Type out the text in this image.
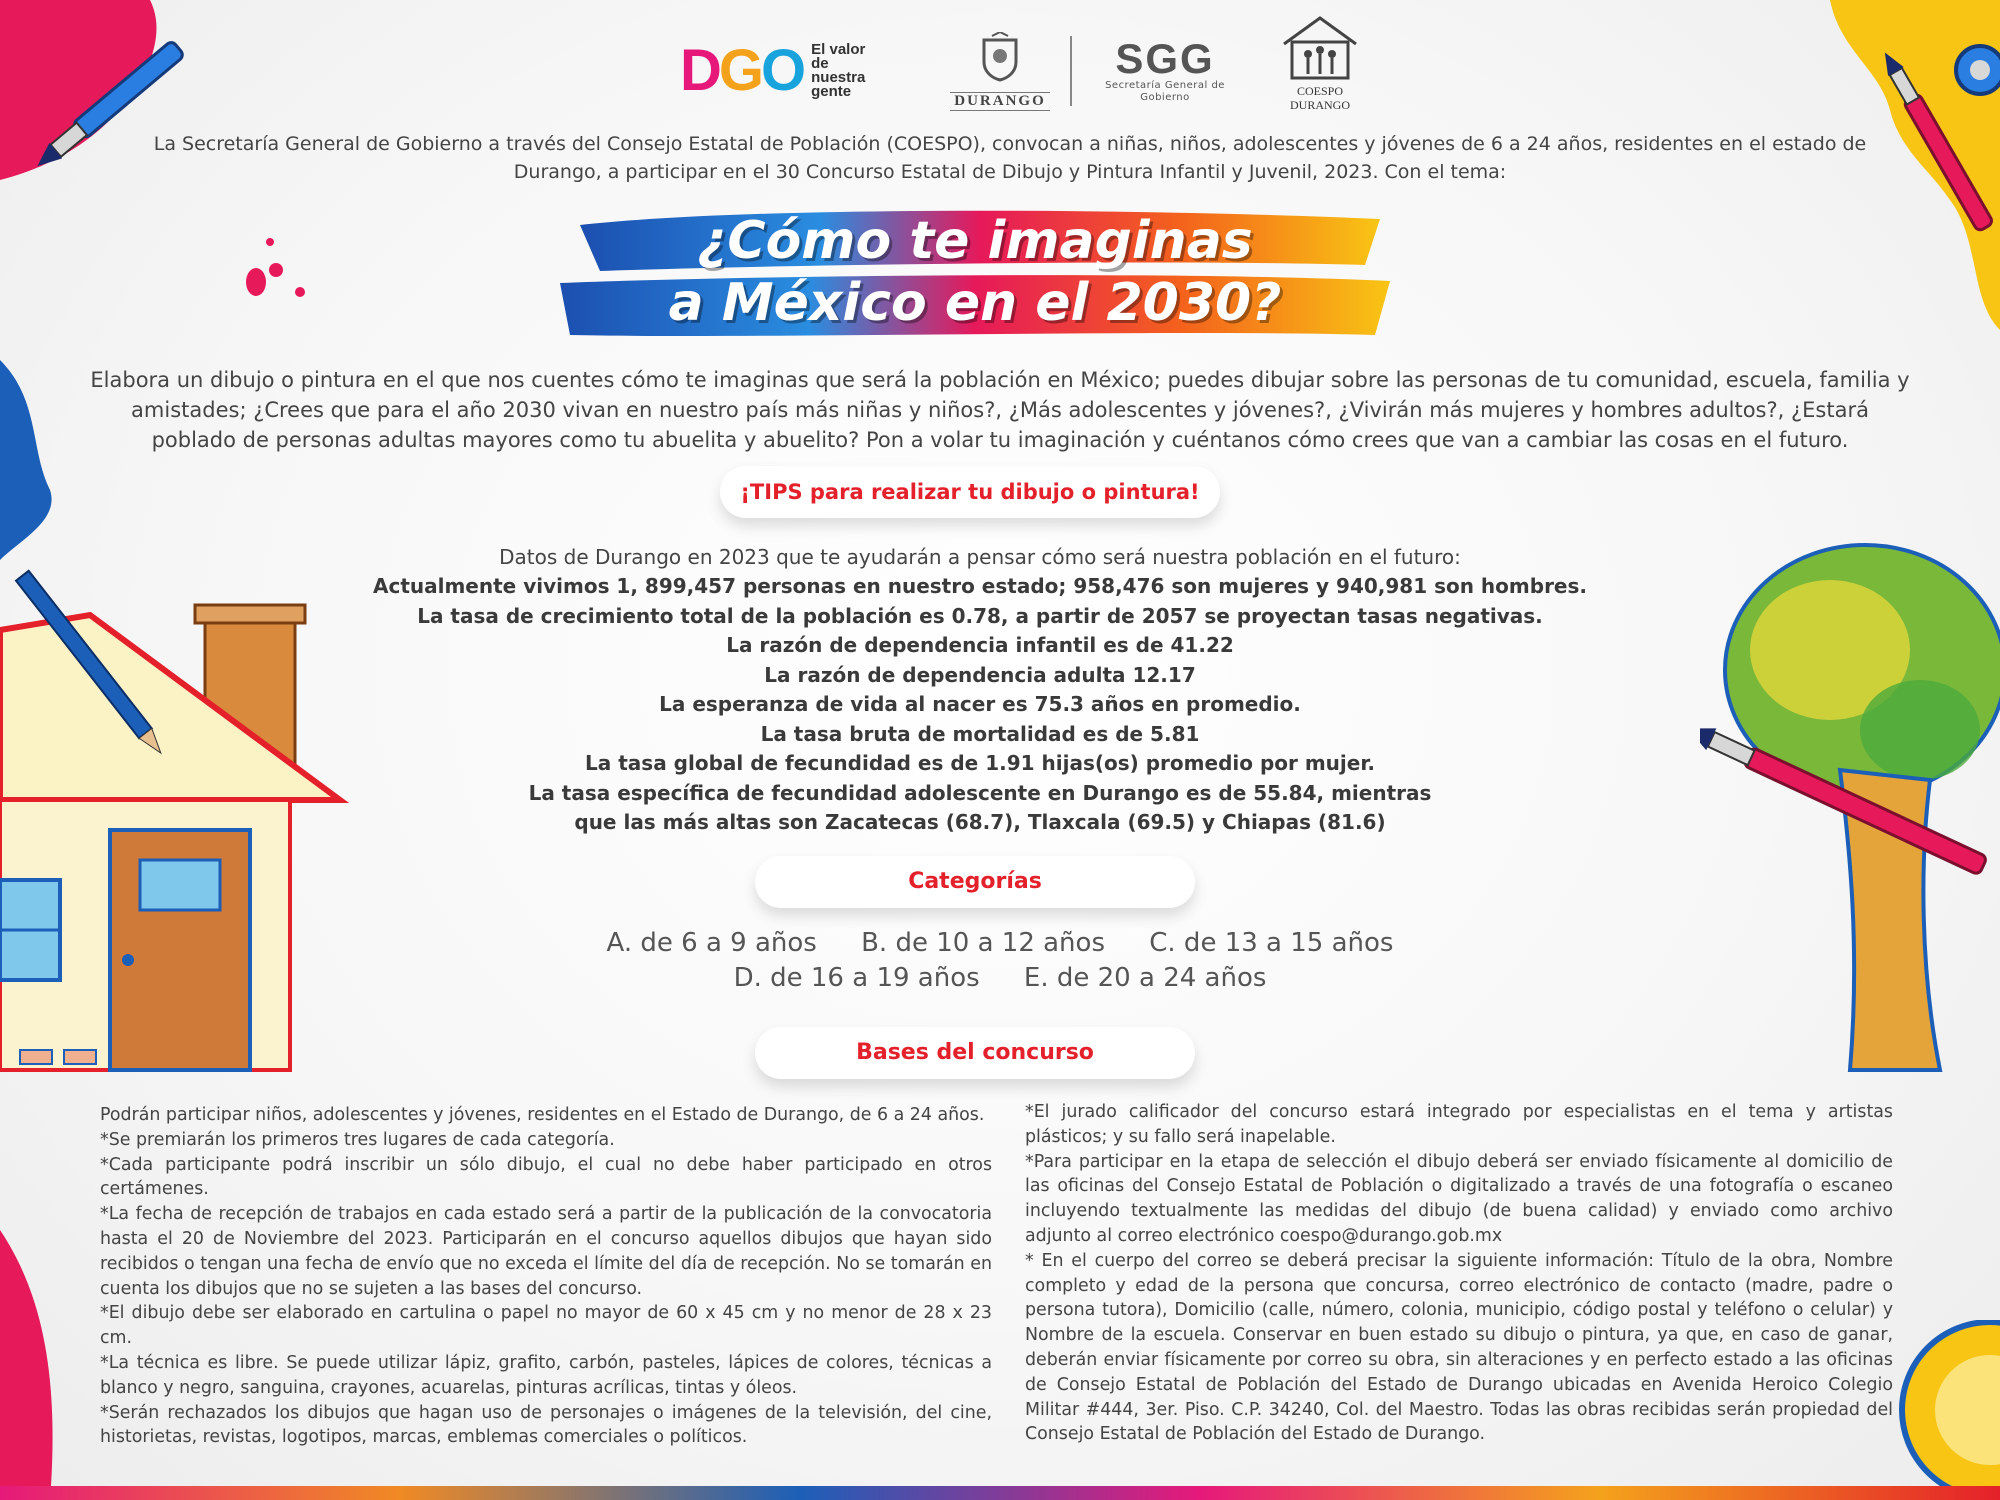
DGO El valor de nuestra gente
DURANGO
SGG
Secretaría General de Gobierno	COESPO
DURANGO
La Secretaría General de Gobierno a través del Consejo Estatal de Población (COESPO), convocan a niñas, niños, adolescentes y jóvenes de 6 a 24 años, residentes en el estado de Durango, a participar en el 30 Concurso Estatal de Dibujo y Pintura Infantil y Juvenil, 2023. Con el tema:
¿Cómo te imaginas
a México en el 2030?
Elabora un dibujo o pintura en el que nos cuentes cómo te imaginas que será la población en México; puedes dibujar sobre las personas de tu comunidad, escuela, familia y amistades; ¿Crees que para el año 2030 vivan en nuestro país más niñas y niños?, ¿Más adolescentes y jóvenes?, ¿Vivirán más mujeres y hombres adultos?, ¿Estará poblado de personas adultas mayores como tu abuelita y abuelito? Pon a volar tu imaginación y cuéntanos cómo crees que van a cambiar las cosas en el futuro.
¡TIPS para realizar tu dibujo o pintura!
Datos de Durango en 2023 que te ayudarán a pensar cómo será nuestra población en el futuro:
Actualmente vivimos 1, 899,457 personas en nuestro estado; 958,476 son mujeres y 940,981 son hombres.
La tasa de crecimiento total de la población es 0.78, a partir de 2057 se proyectan tasas negativas.
La razón de dependencia infantil es de 41.22
La razón de dependencia adulta 12.17
La esperanza de vida al nacer es 75.3 años en promedio.
La tasa bruta de mortalidad es de 5.81
La tasa global de fecundidad es de 1.91 hijas(os) promedio por mujer.
La tasa específica de fecundidad adolescente en Durango es de 55.84, mientras
que las más altas son Zacatecas (68.7), Tlaxcala (69.5) y Chiapas (81.6)
Categorías
A. de 6 a 9 años B. de 10 a 12 años C. de 13 a 15 años
D. de 16 a 19 años E. de 20 a 24 años
Bases del concurso

Podrán participar niños, adolescentes y jóvenes, residentes en el Estado de Durango, de 6 a 24 años.

*Se premiarán los primeros tres lugares de cada categoría.

*Cada participante podrá inscribir un sólo dibujo, el cual no debe haber participado en otros certámenes.

*La fecha de recepción de trabajos en cada estado será a partir de la publicación de la convocatoria hasta el 20 de Noviembre del 2023. Participarán en el concurso aquellos dibujos que hayan sido recibidos o tengan una fecha de envío que no exceda el límite del día de recepción. No se tomarán en cuenta los dibujos que no se sujeten a las bases del concurso.

*El dibujo debe ser elaborado en cartulina o papel no mayor de 60 x 45 cm y no menor de 28 x 23 cm.

*La técnica es libre. Se puede utilizar lápiz, grafito, carbón, pasteles, lápices de colores, técnicas a blanco y negro, sanguina, crayones, acuarelas, pinturas acrílicas, tintas y óleos.

*Serán rechazados los dibujos que hagan uso de personajes o imágenes de la televisión, del cine, historietas, revistas, logotipos, marcas, emblemas comerciales o políticos.

*El jurado calificador del concurso estará integrado por especialistas en el tema y artistas plásticos; y su fallo será inapelable.

*Para participar en la etapa de selección el dibujo deberá ser enviado físicamente al domicilio de las oficinas del Consejo Estatal de Población o digitalizado a través de una fotografía o escaneo incluyendo textualmente las medidas del dibujo (de buena calidad) y enviado como archivo adjunto al correo electrónico coespo@durango.gob.mx

* En el cuerpo del correo se deberá precisar la siguiente información: Título de la obra, Nombre completo y edad de la persona que concursa, correo electrónico de contacto (madre, padre o persona tutora), Domicilio (calle, número, colonia, municipio, código postal y teléfono o celular) y Nombre de la escuela. Conservar en buen estado su dibujo o pintura, ya que, en caso de ganar, deberán enviar físicamente por correo su obra, sin alteraciones y en perfecto estado a las oficinas de Consejo Estatal de Población del Estado de Durango ubicadas en Avenida Heroico Colegio Militar #444, 3er. Piso. C.P. 34240, Col. del Maestro. Todas las obras recibidas serán propiedad del Consejo Estatal de Población del Estado de Durango.
